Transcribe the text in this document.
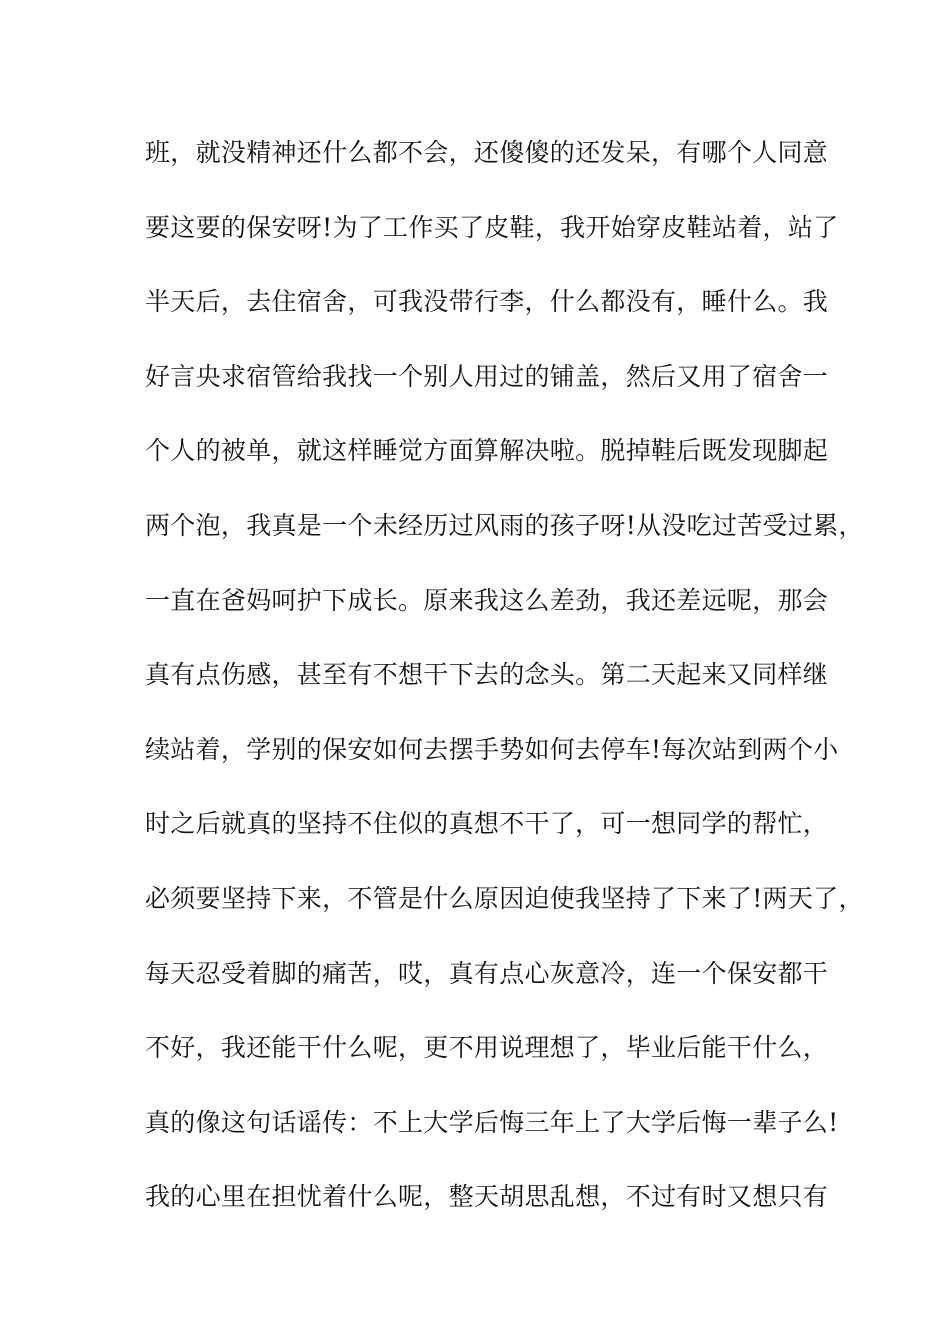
班，就没精神还什么都不会，还傻傻的还发呆，有哪个人同意
要这要的保安呀!为了工作买了皮鞋，我开始穿皮鞋站着，站了
半天后，去住宿舍，可我没带行李，什么都没有，睡什么。我
好言央求宿管给我找一个别人用过的铺盖，然后又用了宿舍一
个人的被单，就这样睡觉方面算解决啦。脱掉鞋后既发现脚起
两个泡，我真是一个未经历过风雨的孩子呀!从没吃过苦受过累，
一直在爸妈呵护下成长。原来我这么差劲，我还差远呢，那会
真有点伤感，甚至有不想干下去的念头。第二天起来又同样继
续站着，学别的保安如何去摆手势如何去停车!每次站到两个小
时之后就真的坚持不住似的真想不干了，可一想同学的帮忙，
必须要坚持下来，不管是什么原因迫使我坚持了下来了!两天了，
每天忍受着脚的痛苦，哎，真有点心灰意冷，连一个保安都干
不好，我还能干什么呢，更不用说理想了，毕业后能干什么，
真的像这句话谣传：不上大学后悔三年上了大学后悔一辈子么!
我的心里在担忧着什么呢，整天胡思乱想，不过有时又想只有
